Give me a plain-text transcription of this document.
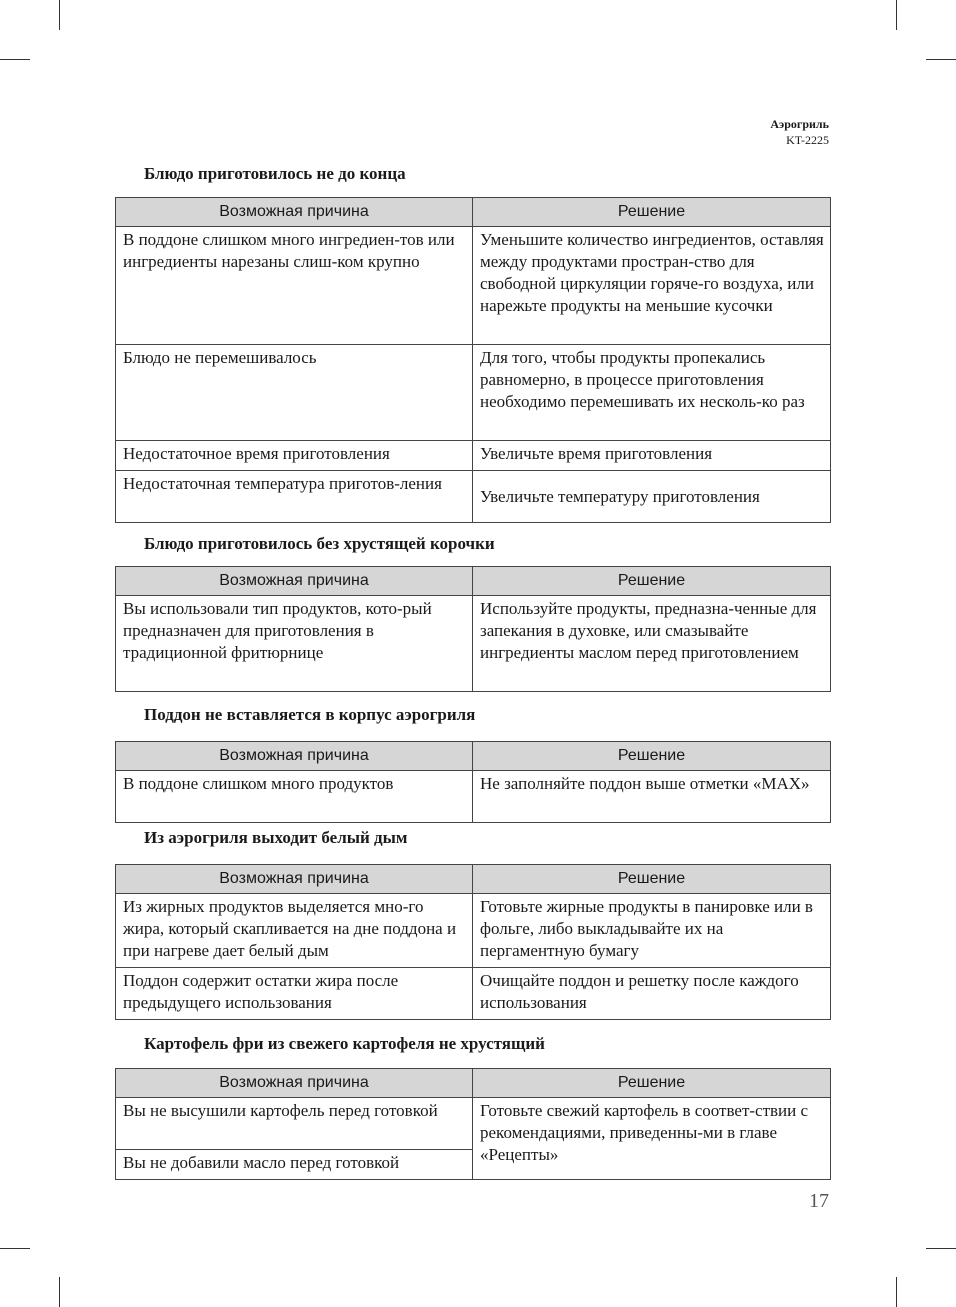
Аэрогриль
KT-2225
Блюдо приготовилось не до конца
Возможная причина	Решение
В поддоне слишком много ингредиен-тов или ингредиенты нарезаны слиш-ком крупно	Уменьшите количество ингредиентов, оставляя между продуктами простран-ство для свободной циркуляции горяче-го воздуха, или нарежьте продукты на меньшие кусочки
Блюдо не перемешивалось	Для того, чтобы продукты пропекались равномерно, в процессе приготовления необходимо перемешивать их несколь-ко раз
Недостаточное время приготовления	Увеличьте время приготовления
Недостаточная температура приготов-ления	Увеличьте температуру приготовления
Блюдо приготовилось без хрустящей корочки
Возможная причина	Решение
Вы использовали тип продуктов, кото-рый предназначен для приготовления в традиционной фритюрнице	Используйте продукты, предназна-ченные для запекания в духовке, или смазывайте ингредиенты маслом перед приготовлением
Поддон не вставляется в корпус аэрогриля
Возможная причина	Решение
В поддоне слишком много продуктов	Не заполняйте поддон выше отметки «MAX»
Из аэрогриля выходит белый дым
Возможная причина	Решение
Из жирных продуктов выделяется мно-го жира, который скапливается на дне поддона и при нагреве дает белый дым	Готовьте жирные продукты в панировке или в фольге, либо выкладывайте их на пергаментную бумагу
Поддон содержит остатки жира после предыдущего использования	Очищайте поддон и решетку после каждого использования
Картофель фри из свежего картофеля не хрустящий
Возможная причина	Решение
Вы не высушили картофель перед готовкой	Готовьте свежий картофель в соответ-ствии с рекомендациями, приведенны-ми в главе «Рецепты»
Вы не добавили масло перед готовкой	
17
